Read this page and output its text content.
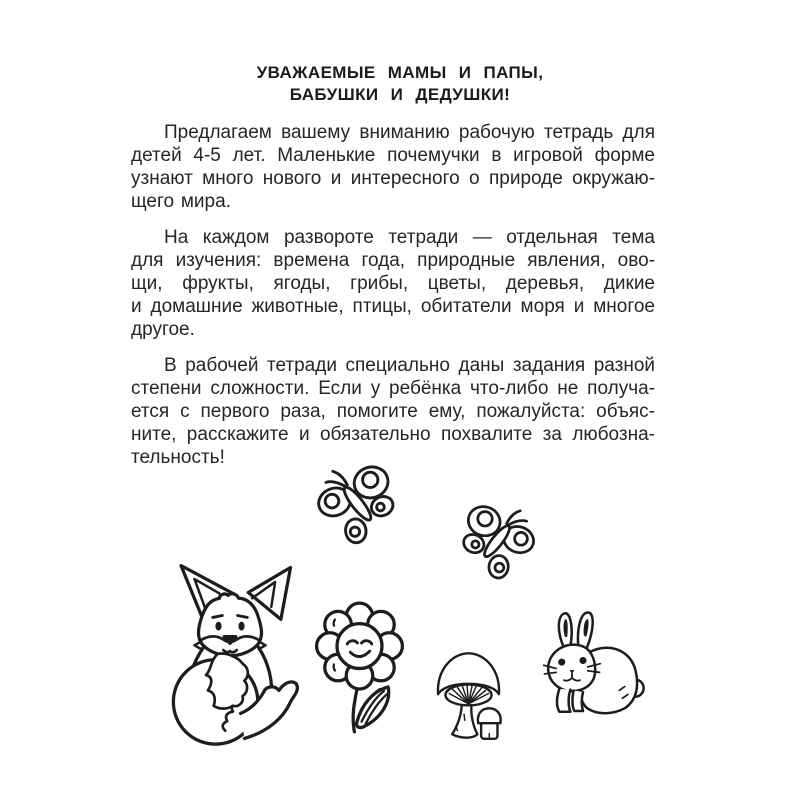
УВАЖАЕМЫЕ МАМЫ И ПАПЫ,
БАБУШКИ И ДЕДУШКИ!
Предлагаем вашему вниманию рабочую тетрадь для
детей 4-5 лет. Маленькие почемучки в игровой форме
узнают много нового и интересного о природе окружаю-
щего мира.
На каждом развороте тетради — отдельная тема
для изучения: времена года, природные явления, ово-
щи, фрукты, ягоды, грибы, цветы, деревья, дикие
и домашние животные, птицы, обитатели моря и многое
другое.
В рабочей тетради специально даны задания разной
степени сложности. Если у ребёнка что-либо не получа-
ется с первого раза, помогите ему, пожалуйста: объяс-
ните, расскажите и обязательно похвалите за любозна-
тельность!
